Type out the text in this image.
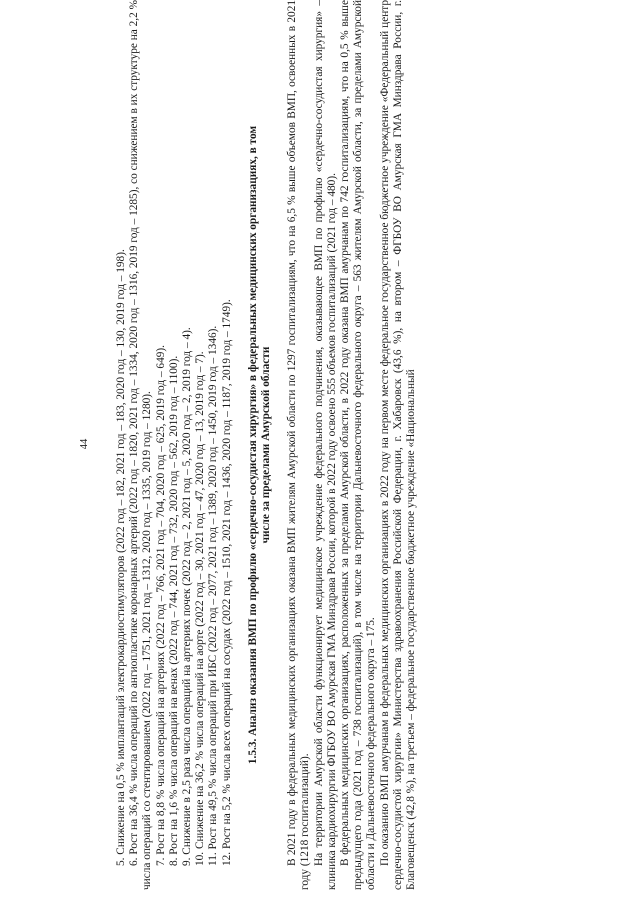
44 5. Снижение на 0,5 % имплантаций электрокардиостимуляторов (2022 год – 182, 2021 год – 183, 2020 год – 130, 2019 год – 198). 6. Рост на 36,4 % числа операций по ангиопластике коронарных артерий (2022 год – 1820, 2021 год – 1334, 2020 год – 1316, 2019 год – 1285), со снижением в их структуре на 2,2 % числа операций со стентированием (2022 год – 1751, 2021 год – 1312, 2020 год – 1335, 2019 год – 1280). 7. Рост на 8,8 % числа операций на артериях (2022 год – 766, 2021 год – 704, 2020 год – 625, 2019 год – 649). 8. Рост на 1,6 % числа операций на венах (2022 год – 744, 2021 год – 732, 2020 год – 562, 2019 год – 1100). 9. Снижение в 2,5 раза числа операций на артериях почек (2022 год – 2, 2021 год – 5, 2020 год – 2, 2019 год – 4). 10. Снижение на 36,2 % числа операций на аорте (2022 год – 30, 2021 год – 47, 2020 год – 13, 2019 год – 7). 11. Рост на 49,5 % числа операций при ИБС (2022 год – 2077, 2021 год – 1389, 2020 год – 1450, 2019 год – 1346). 12. Рост на 5,2 % числа всех операций на сосудах (2022 год – 1510, 2021 год – 1436, 2020 год – 1187, 2019 год – 1749). 1.5.3. Анализ оказания ВМП по профилю «сердечно-сосудистая хирургия» в федеральных медицинских организациях, в том числе за пределами Амурской области В 2021 году в федеральных медицинских организациях оказана ВМП жителям Амурской области по 1297 госпитализациям, что на 6,5 % выше объемов ВМП, освоенных в 2021 году (1218 госпитализаций). На территории Амурской области функционирует медицинское учреждение федерального подчинения, оказывающее ВМП по профилю «сердечно-сосудистая хирургия» – клиника кардиохирургии ФГБОУ ВО Амурская ГМА Минздрава России, которой в 2022 году освоено 555 объемов госпитализаций (2021 год – 480). В федеральных медицинских организациях, расположенных за пределами Амурской области, в 2022 году оказана ВМП амурчанам по 742 госпитализациям, что на 0,5 % выше предыдущего года (2021 год – 738 госпитализаций), в том числе на территории Дальневосточного федерального округа – 563 жителям Амурской области, за пределами Амурской области и Дальневосточного федерального округа – 175. По оказанию ВМП амурчанам в федеральных медицинских организациях в 2022 году на первом месте федеральное государственное бюджетное учреждение «Федеральный центр сердечно-сосудистой хирургии» Министерства здравоохранения Российской Федерации, г. Хабаровск (43,6 %), на втором – ФГБОУ ВО Амурская ГМА Минздрава России, г. Благовещенск (42,8 %), на третьем – федеральное государственное бюджетное учреждение «Национальный
